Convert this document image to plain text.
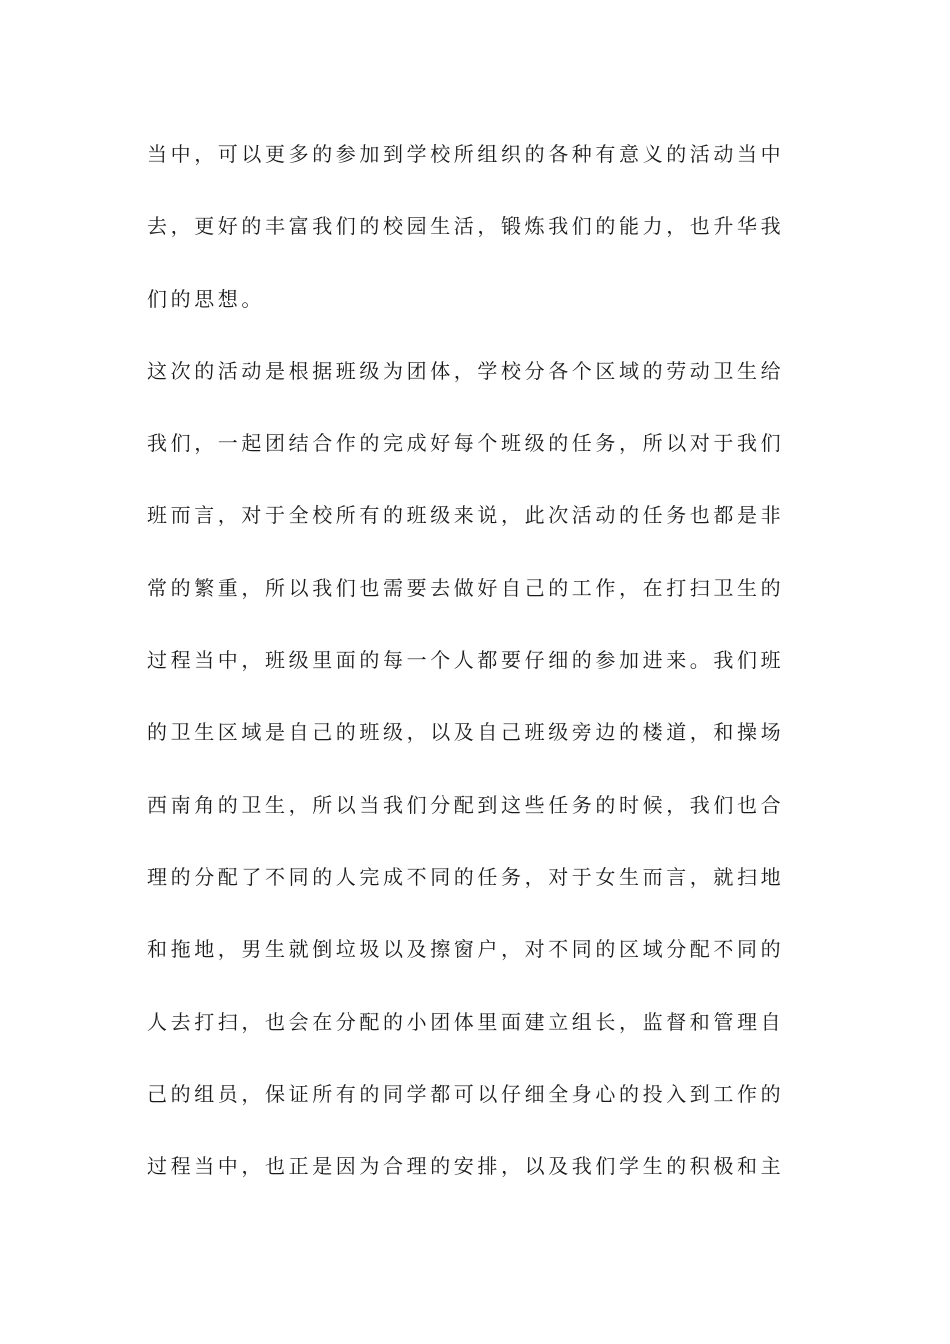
当中，可以更多的参加到学校所组织的各种有意义的活动当中
去，更好的丰富我们的校园生活，锻炼我们的能力，也升华我
们的思想。
这次的活动是根据班级为团体，学校分各个区域的劳动卫生给
我们，一起团结合作的完成好每个班级的任务，所以对于我们
班而言，对于全校所有的班级来说，此次活动的任务也都是非
常的繁重，所以我们也需要去做好自己的工作，在打扫卫生的
过程当中，班级里面的每一个人都要仔细的参加进来。我们班
的卫生区域是自己的班级，以及自己班级旁边的楼道，和操场
西南角的卫生，所以当我们分配到这些任务的时候，我们也合
理的分配了不同的人完成不同的任务，对于女生而言，就扫地
和拖地，男生就倒垃圾以及擦窗户，对不同的区域分配不同的
人去打扫，也会在分配的小团体里面建立组长，监督和管理自
己的组员，保证所有的同学都可以仔细全身心的投入到工作的
过程当中，也正是因为合理的安排，以及我们学生的积极和主
